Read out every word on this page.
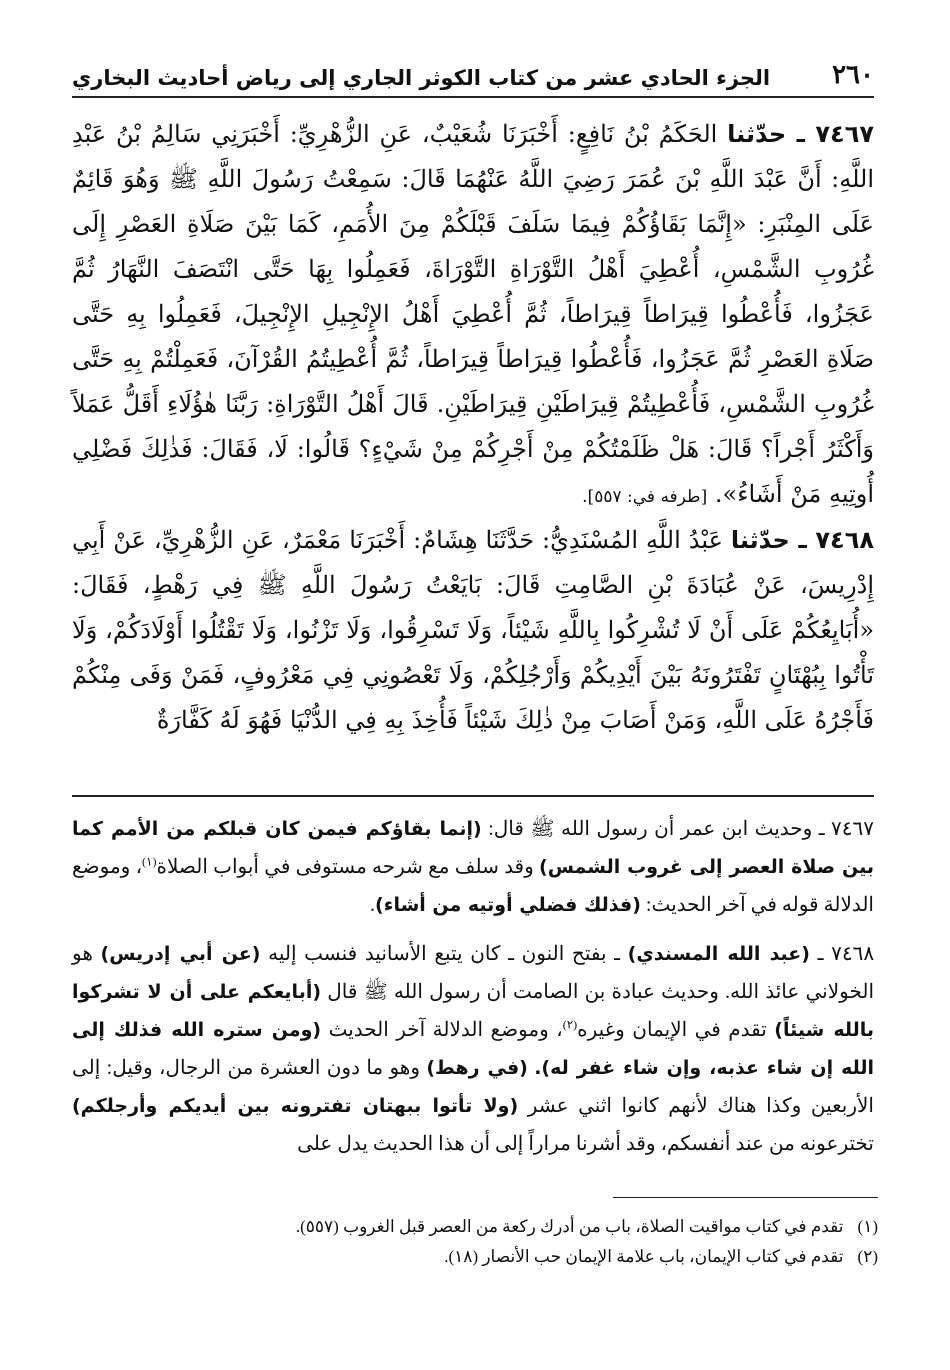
٢٦٠
الجزء الحادي عشر من كتاب الكوثر الجاري إلى رياض أحاديث البخاري
٧٤٦٧ ـ حدّثنا الحَكَمُ بْنُ نَافِعٍ: أَخْبَرَنَا شُعَيْبٌ، عَنِ الزُّهْرِيِّ: أَخْبَرَنِي سَالِمُ بْنُ عَبْدِ اللَّهِ: أَنَّ عَبْدَ اللَّهِ بْنَ عُمَرَ رَضِيَ اللَّهُ عَنْهُمَا قَالَ: سَمِعْتُ رَسُولَ اللَّهِ ﷺ وَهُوَ قَائِمٌ عَلَى المِنْبَرِ: «إِنَّمَا بَقَاؤُكُمْ فِيمَا سَلَفَ قَبْلَكُمْ مِنَ الأُمَمِ، كَمَا بَيْنَ صَلَاةِ العَصْرِ إِلَى غُرُوبِ الشَّمْسِ، أُعْطِيَ أَهْلُ التَّوْرَاةِ التَّوْرَاةَ، فَعَمِلُوا بِهَا حَتَّى انْتَصَفَ النَّهَارُ ثُمَّ عَجَزُوا، فَأُعْطُوا قِيرَاطاً قِيرَاطاً، ثُمَّ أُعْطِيَ أَهْلُ الإِنْجِيلِ الإِنْجِيلَ، فَعَمِلُوا بِهِ حَتَّى صَلَاةِ العَصْرِ ثُمَّ عَجَزُوا، فَأُعْطُوا قِيرَاطاً قِيرَاطاً، ثُمَّ أُعْطِيتُمُ القُرْآنَ، فَعَمِلْتُمْ بِهِ حَتَّى غُرُوبِ الشَّمْسِ، فَأُعْطِيتُمْ قِيرَاطَيْنِ قِيرَاطَيْنِ. قَالَ أَهْلُ التَّوْرَاةِ: رَبَّنَا هٰؤُلَاءِ أَقَلُّ عَمَلاً وَأَكْثَرُ أَجْراً؟ قَالَ: هَلْ ظَلَمْتُكُمْ مِنْ أَجْرِكُمْ مِنْ شَيْءٍ؟ قَالُوا: لَا، فَقَالَ: فَذٰلِكَ فَضْلِي أُوتِيهِ مَنْ أَشَاءُ». [طرفه في: ٥٥٧].
٧٤٦٨ ـ حدّثنا عَبْدُ اللَّهِ المُسْنَدِيُّ: حَدَّثَنَا هِشَامٌ: أَخْبَرَنَا مَعْمَرٌ، عَنِ الزُّهْرِيِّ، عَنْ أَبِي إِدْرِيسَ، عَنْ عُبَادَةَ بْنِ الصَّامِتِ قَالَ: بَايَعْتُ رَسُولَ اللَّهِ ﷺ فِي رَهْطٍ، فَقَالَ: «أُبَايِعُكُمْ عَلَى أَنْ لَا تُشْرِكُوا بِاللَّهِ شَيْئاً، وَلَا تَسْرِقُوا، وَلَا تَزْنُوا، وَلَا تَقْتُلُوا أَوْلَادَكُمْ، وَلَا تَأْتُوا بِبُهْتَانٍ تَفْتَرُونَهُ بَيْنَ أَيْدِيكُمْ وَأَرْجُلِكُمْ، وَلَا تَعْصُونِي فِي مَعْرُوفٍ، فَمَنْ وَفَى مِنْكُمْ فَأَجْرُهُ عَلَى اللَّهِ، وَمَنْ أَصَابَ مِنْ ذٰلِكَ شَيْئاً فَأُخِذَ بِهِ فِي الدُّنْيَا فَهُوَ لَهُ كَفَّارَةٌ
٧٤٦٧ ـ وحديث ابن عمر أن رسول الله ﷺ قال: (إنما بقاؤكم فيمن كان قبلكم من الأمم كما بين صلاة العصر إلى غروب الشمس) وقد سلف مع شرحه مستوفى في أبواب الصلاة$^{(١)}$، وموضع الدلالة قوله في آخر الحديث: (فذلك فضلي أوتيه من أشاء).
٧٤٦٨ ـ (عبد الله المسندي) ـ بفتح النون ـ كان يتبع الأسانيد فنسب إليه (عن أبي إدريس) هو الخولاني عائذ الله. وحديث عبادة بن الصامت أن رسول الله ﷺ قال (أبايعكم على أن لا تشركوا بالله شيئاً) تقدم في الإيمان وغيره$^{(٢)}$، وموضع الدلالة آخر الحديث (ومن ستره الله فذلك إلى الله إن شاء عذبه، وإن شاء غفر له). (في رهط) وهو ما دون العشرة من الرجال، وقيل: إلى الأربعين وكذا هناك لأنهم كانوا اثني عشر (ولا تأتوا ببهتان تفترونه بين أيديكم وأرجلكم) تخترعونه من عند أنفسكم، وقد أشرنا مراراً إلى أن هذا الحديث يدل على
(١)تقدم في كتاب مواقيت الصلاة، باب من أدرك ركعة من العصر قبل الغروب (٥٥٧).
(٢)تقدم في كتاب الإيمان، باب علامة الإيمان حب الأنصار (١٨).
